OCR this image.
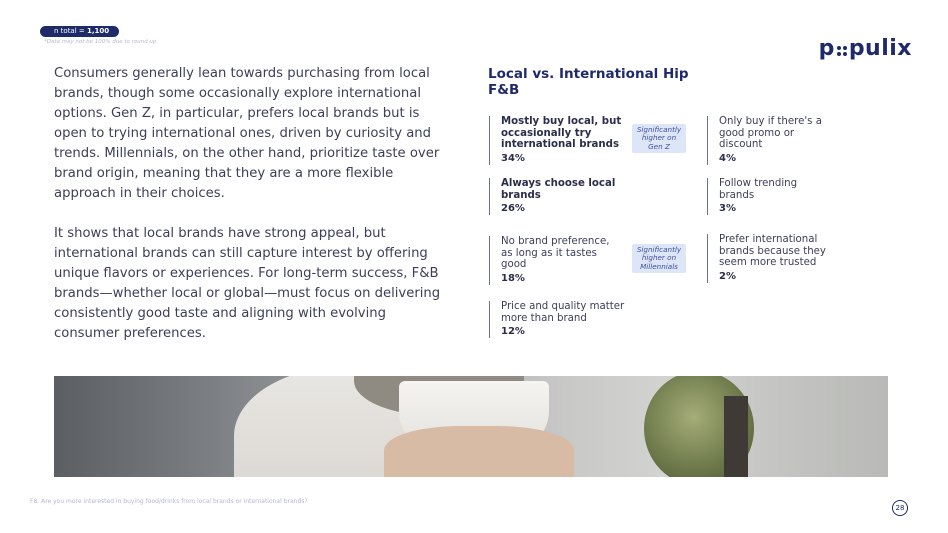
n total = 1,100
*Data may not be 100% due to round up	p pulix

Consumers generally lean towards purchasing from local brands, though some occasionally explore international options. Gen Z, in particular, prefers local brands but is open to trying international ones, driven by curiosity and trends. Millennials, on the other hand, prioritize taste over brand origin, meaning that they are a more flexible approach in their choices.

It shows that local brands have strong appeal, but international brands can still capture interest by offering unique flavors or experiences. For long-term success, F&B brands—whether local or global—must focus on delivering consistently good taste and aligning with evolving consumer preferences.

Local vs. International Hip F&B
Mostly buy local, but occasionally try international brands
34%
Always choose local brands
26%
No brand preference, as long as it tastes good
18%
Price and quality matter more than brand
12%
Only buy if there's a good promo or discount
4%
Follow trending brands
3%
Prefer international brands because they seem more trusted
2%
Significantly higher on Gen Z
Significantly higher on Millennials
F8. Are you more interested in buying food/drinks from local brands or international brands?
28
